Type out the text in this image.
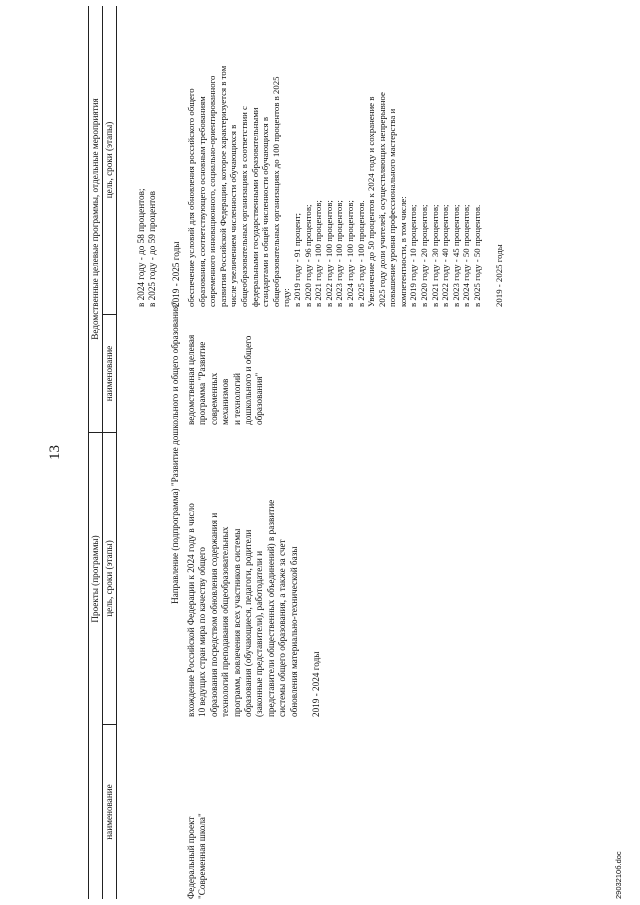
13
Проекты (программы)
Ведомственные целевые программы, отдельные мероприятия
наименование
цель, сроки (этапы)
наименование
цель, сроки (этапы)
в 2024 году - до 58 процентов; в 2025 году - до 59 процентов 2019 - 2025 годы
Направление (подпрограмма) "Развитие дошкольного и общего образования"
Федеральный проект "Современная школа"
вхождение Российской Федерации к 2024 году в число 10 ведущих стран мира по качеству общего образования посредством обновления содержания и технологий преподавания общеобразовательных программ, вовлечения всех участников системы образования (обучающиеся, педагоги, родители (законные представители), работодатели и представители общественных объединений) в развитие системы общего образования, а также за счет обновления материально-технической базы 2019 - 2024 годы
ведомственная целевая программа "Развитие современных механизмов и технологий дошкольного и общего образования"
обеспечение условий для обновления российского общего образования, соответствующего основным требованиям современного инновационного, социально-ориентированного развития Российской Федерации, которое характеризуется в том числе увеличением численности обучающихся в общеобразовательных организациях в соответствии с федеральными государственными образовательными стандартами в общей численности обучающихся в общеобразовательных организациях до 100 процентов в 2025 году: в 2019 году - 91 процент; в 2020 году - 96 процентов; в 2021 году - 100 процентов; в 2022 году - 100 процентов; в 2023 году - 100 процентов; в 2024 году - 100 процентов; в 2025 году - 100 процентов. Увеличение до 50 процентов к 2024 году и сохранение в 2025 году доли учителей, осуществляющих непрерывное повышение уровня профессионального мастерства и компетентности, в том числе: в 2019 году - 10 процентов; в 2020 году - 20 процентов; в 2021 году - 30 процентов; в 2022 году - 40 процентов; в 2023 году - 45 процентов; в 2024 году - 50 процентов; в 2025 году - 50 процентов. 2019 - 2025 годы
2903210б.doc
